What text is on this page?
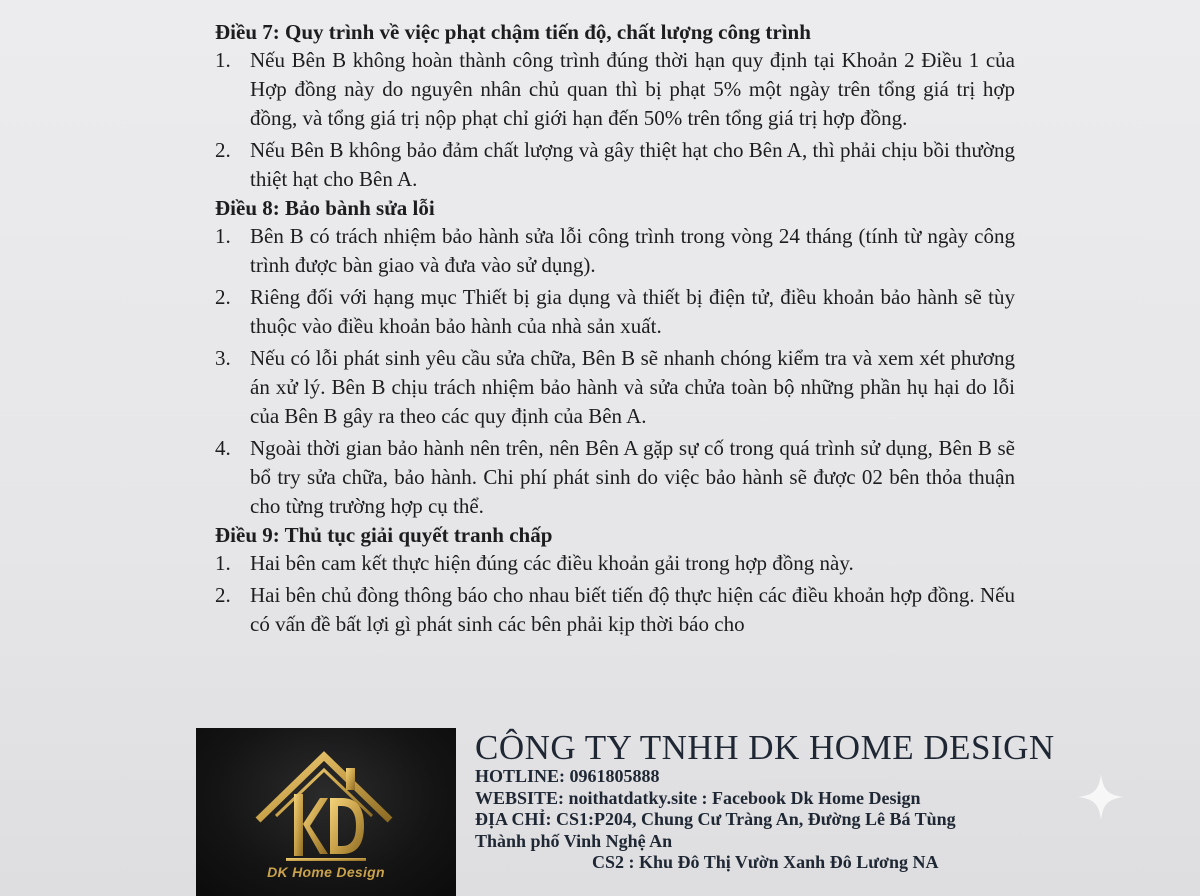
Điều 7: Quy trình về việc phạt chậm tiến độ, chất lượng công trình

1. Nếu Bên B không hoàn thành công trình đúng thời hạn quy định tại Khoản 2 Điều 1 của Hợp đồng này do nguyên nhân chủ quan thì bị phạt 5% một ngày trên tổng giá trị hợp đồng, và tổng giá trị nộp phạt chỉ giới hạn đến 50% trên tổng giá trị hợp đồng.
2. Nếu Bên B không bảo đảm chất lượng và gây thiệt hạt cho Bên A, thì phải chịu bồi thường thiệt hạt cho Bên A.

Điều 8: Bảo bành sửa lỗi

1. Bên B có trách nhiệm bảo hành sửa lỗi công trình trong vòng 24 tháng (tính từ ngày công trình được bàn giao và đưa vào sử dụng).
2. Riêng đối với hạng mục Thiết bị gia dụng và thiết bị điện tử, điều khoản bảo hành sẽ tùy thuộc vào điều khoản bảo hành của nhà sản xuất.
3. Nếu có lỗi phát sinh yêu cầu sửa chữa, Bên B sẽ nhanh chóng kiểm tra và xem xét phương án xử lý. Bên B chịu trách nhiệm bảo hành và sửa chửa toàn bộ những phần hụ hại do lỗi của Bên B gây ra theo các quy định của Bên A.
4. Ngoài thời gian bảo hành nên trên, nên Bên A gặp sự cố trong quá trình sử dụng, Bên B sẽ bổ try sửa chữa, bảo hành. Chi phí phát sinh do việc bảo hành sẽ được 02 bên thỏa thuận cho từng trường hợp cụ thể.

Điều 9: Thủ tục giải quyết tranh chấp

1. Hai bên cam kết thực hiện đúng các điều khoản gải trong hợp đồng này.
2. Hai bên chủ đòng thông báo cho nhau biết tiến độ thực hiện các điều khoản hợp đồng. Nếu có vấn đề bất lợi gì phát sinh các bên phải kịp thời báo cho
DK Home Design
CÔNG TY TNHH DK HOME DESIGN
HOTLINE: 0961805888
WEBSITE: noithatdatky.site : Facebook Dk Home Design
ĐỊA CHỈ: CS1:P204, Chung Cư Tràng An, Đường Lê Bá Tùng
Thành phố Vinh Nghệ An
CS2 : Khu Đô Thị Vườn Xanh Đô Lương NA
